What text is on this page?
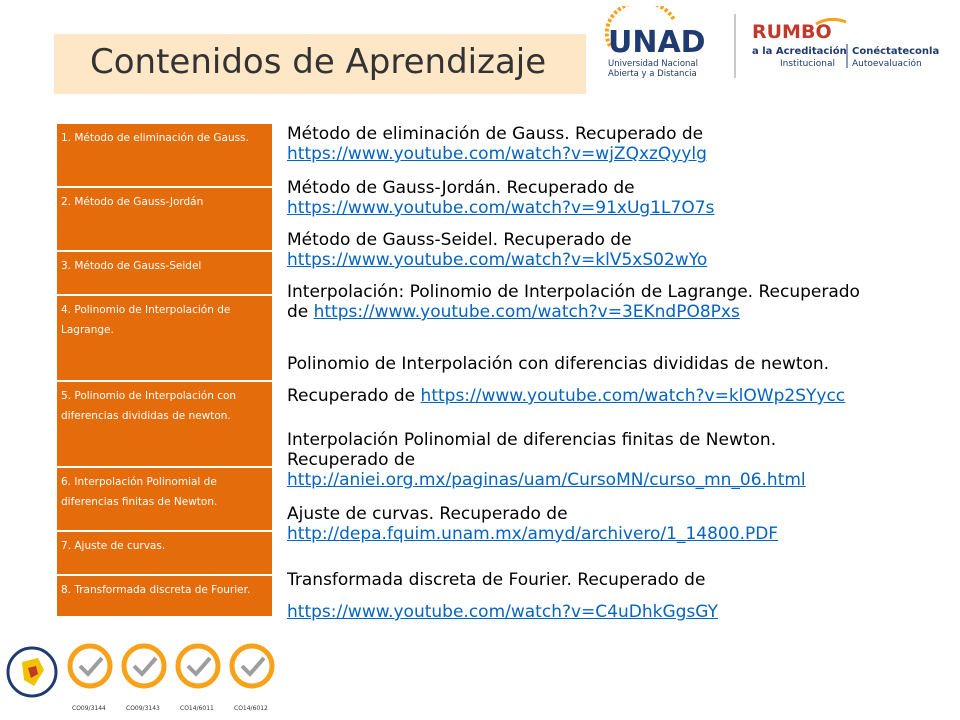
Contenidos de Aprendizaje UNAD
Universidad Nacional
Abierta y a Distancia
RUMBO
a la Acreditación
Institucional
Conéctateconla
Autoevaluación
1. Método de eliminación de Gauss.
2. Método de Gauss-Jordán
3. Método de Gauss-Seidel
4. Polinomio de Interpolación de Lagrange.
5. Polinomio de Interpolación con diferencias divididas de newton.
6. Interpolación Polinomial de diferencias finitas de Newton.
7. Ajuste de curvas.
8. Transformada discreta de Fourier.
Método de eliminación de Gauss. Recuperado de
https://www.youtube.com/watch?v=wjZQxzQyylg
Método de Gauss-Jordán. Recuperado de
https://www.youtube.com/watch?v=91xUg1L7O7s
Método de Gauss-Seidel. Recuperado de
https://www.youtube.com/watch?v=klV5xS02wYo
Interpolación: Polinomio de Interpolación de Lagrange. Recuperado
de https://www.youtube.com/watch?v=3EKndPO8Pxs
Polinomio de Interpolación con diferencias divididas de newton.
Recuperado de https://www.youtube.com/watch?v=klOWp2SYycc
Interpolación Polinomial de diferencias finitas de Newton.
Recuperado de
http://aniei.org.mx/paginas/uam/CursoMN/curso_mn_06.html
Ajuste de curvas. Recuperado de
http://depa.fquim.unam.mx/amyd/archivero/1_14800.PDF
Transformada discreta de Fourier. Recuperado de
https://www.youtube.com/watch?v=C4uDhkGgsGY
CO09/3144	CO09/3143	CO14/6011	CO14/6012
